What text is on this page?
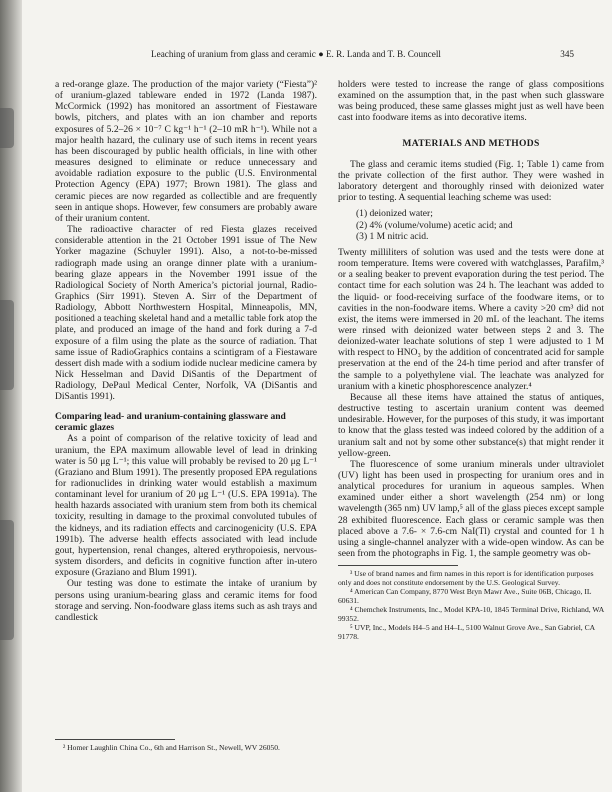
Leaching of uranium from glass and ceramic ● E. R. Landa and T. B. Councell	345

a red-orange glaze. The production of the major variety (“Fiesta”)² of uranium-glazed tableware ended in 1972 (Landa 1987). McCormick (1992) has monitored an assortment of Fiestaware bowls, pitchers, and plates with an ion chamber and reports exposures of 5.2–26 × 10⁻⁷ C kg⁻¹ h⁻¹ (2–10 mR h⁻¹). While not a major health hazard, the culinary use of such items in recent years has been discouraged by public health officials, in line with other measures designed to eliminate or reduce unnecessary and avoidable radiation exposure to the public (U.S. Environmental Protection Agency (EPA) 1977; Brown 1981). The glass and ceramic pieces are now regarded as collectible and are frequently seen in antique shops. However, few consumers are probably aware of their uranium content.

The radioactive character of red Fiesta glazes received considerable attention in the 21 October 1991 issue of The New Yorker magazine (Schuyler 1991). Also, a not-to-be-missed radiograph made using an orange dinner plate with a uranium-bearing glaze appears in the November 1991 issue of the Radiological Society of North America’s pictorial journal, Radio-Graphics (Sirr 1991). Steven A. Sirr of the Department of Radiology, Abbott Northwestern Hospital, Minneapolis, MN, positioned a teaching skeletal hand and a metallic table fork atop the plate, and produced an image of the hand and fork during a 7-d exposure of a film using the plate as the source of radiation. That same issue of RadioGraphics contains a scintigram of a Fiestaware dessert dish made with a sodium iodide nuclear medicine camera by Nick Hesselman and David DiSantis of the Department of Radiology, DePaul Medical Center, Norfolk, VA (DiSantis and DiSantis 1991).

Comparing lead- and uranium-containing glassware and ceramic glazes

As a point of comparison of the relative toxicity of lead and uranium, the EPA maximum allowable level of lead in drinking water is 50 μg L⁻¹; this value will probably be revised to 20 μg L⁻¹ (Graziano and Blum 1991). The presently proposed EPA regulations for radionuclides in drinking water would establish a maximum contaminant level for uranium of 20 μg L⁻¹ (U.S. EPA 1991a). The health hazards associated with uranium stem from both its chemical toxicity, resulting in damage to the proximal convoluted tubules of the kidneys, and its radiation effects and carcinogenicity (U.S. EPA 1991b). The adverse health effects associated with lead include gout, hypertension, renal changes, altered erythropoiesis, nervous-system disorders, and deficits in cognitive function after in-utero exposure (Graziano and Blum 1991).

Our testing was done to estimate the intake of uranium by persons using uranium-bearing glass and ceramic items for food storage and serving. Non-foodware glass items such as ash trays and candlestick

² Homer Laughlin China Co., 6th and Harrison St., Newell, WV 26050.

holders were tested to increase the range of glass compositions examined on the assumption that, in the past when such glassware was being produced, these same glasses might just as well have been cast into foodware items as into decorative items.

MATERIALS AND METHODS

The glass and ceramic items studied (Fig. 1; Table 1) came from the private collection of the first author. They were washed in laboratory detergent and thoroughly rinsed with deionized water prior to testing. A sequential leaching scheme was used:

(1) deionized water;
(2) 4% (volume/volume) acetic acid; and
(3) 1 M nitric acid.

Twenty milliliters of solution was used and the tests were done at room temperature. Items were covered with watchglasses, Parafilm,³ or a sealing beaker to prevent evaporation during the test period. The contact time for each solution was 24 h. The leachant was added to the liquid- or food-receiving surface of the foodware items, or to cavities in the non-foodware items. Where a cavity >20 cm³ did not exist, the items were immersed in 20 mL of the leachant. The items were rinsed with deionized water between steps 2 and 3. The deionized-water leachate solutions of step 1 were adjusted to 1 M with respect to HNO₃ by the addition of concentrated acid for sample preservation at the end of the 24-h time period and after transfer of the sample to a polyethylene vial. The leachate was analyzed for uranium with a kinetic phosphorescence analyzer.⁴

Because all these items have attained the status of antiques, destructive testing to ascertain uranium content was deemed undesirable. However, for the purposes of this study, it was important to know that the glass tested was indeed colored by the addition of a uranium salt and not by some other substance(s) that might render it yellow-green.

The fluorescence of some uranium minerals under ultraviolet (UV) light has been used in prospecting for uranium ores and in analytical procedures for uranium in aqueous samples. When examined under either a short wavelength (254 nm) or long wavelength (365 nm) UV lamp,⁵ all of the glass pieces except sample 28 exhibited fluorescence. Each glass or ceramic sample was then placed above a 7.6- × 7.6-cm NaI(Tl) crystal and counted for 1 h using a single-channel analyzer with a wide-open window. As can be seen from the photographs in Fig. 1, the sample geometry was ob-

³ Use of brand names and firm names in this report is for identification purposes only and does not constitute endorsement by the U.S. Geological Survey.

⁴ American Can Company, 8770 West Bryn Mawr Ave., Suite 06B, Chicago, IL 60631.

⁴ Chemchek Instruments, Inc., Model KPA-10, 1845 Terminal Drive, Richland, WA 99352.

⁵ UVP, Inc., Models H4–5 and H4–L, 5100 Walnut Grove Ave., San Gabriel, CA 91778.
